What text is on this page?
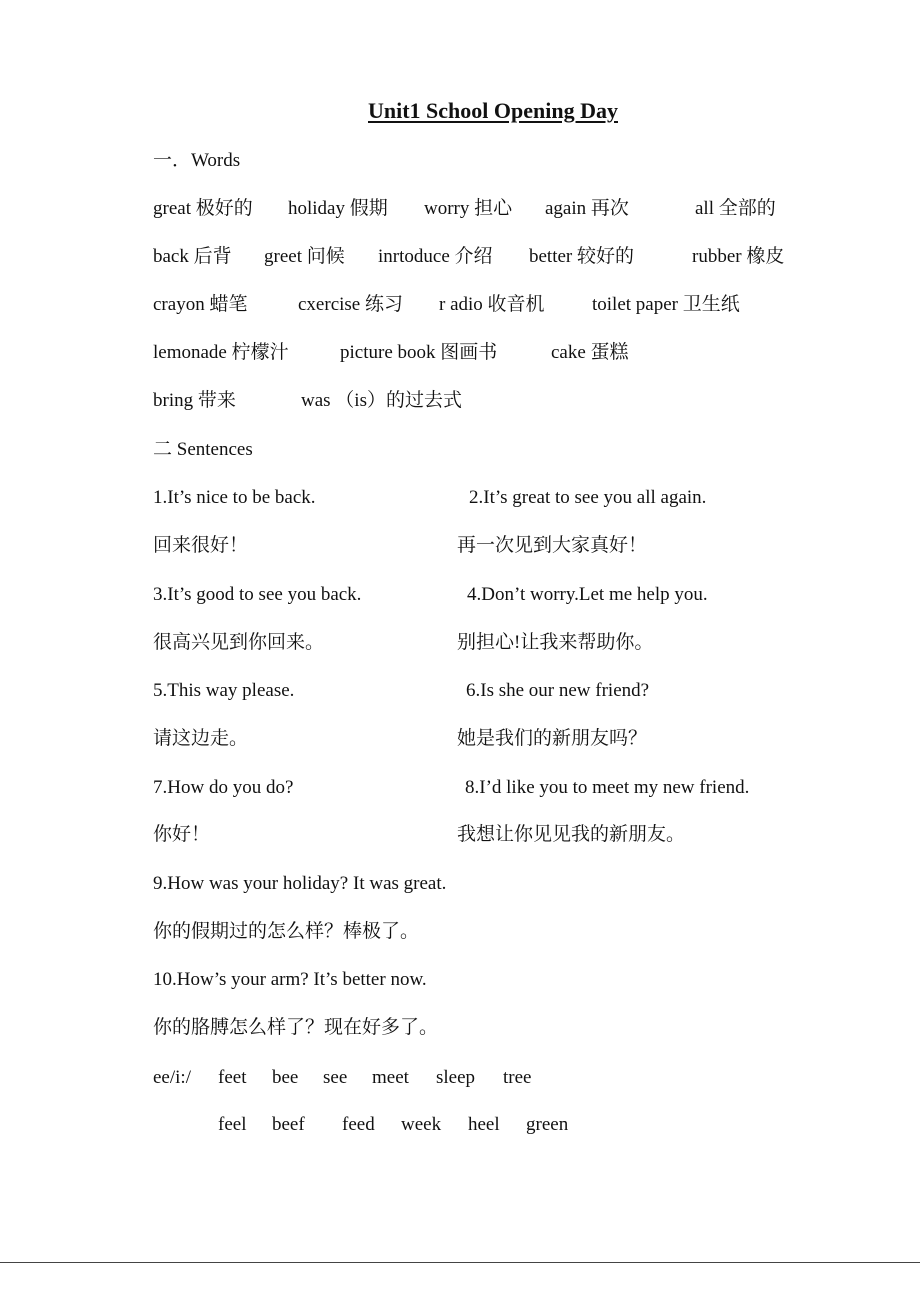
Unit1 School Opening Day
一．Words
great 极好的 holiday 假期 worry 担心 again 再次	all 全部的
back 后背 greet 问候 inrtoduce 介绍 better 较好的	rubber 橡皮
crayon 蜡笔	cxercise 练习 r adio 收音机 toilet paper 卫生纸
lemonade 柠檬汁	picture book 图画书	cake 蛋糕
bring 带来	was （is）的过去式
二 Sentences
1.It’s nice to be back.	2.It’s great to see you all again.
回来很好！	再一次见到大家真好！
3.It’s good to see you back.	4.Don’t worry.Let me help you.
很高兴见到你回来。	别担心!让我来帮助你。
5.This way please.	6.Is she our new friend?
请这边走。	她是我们的新朋友吗？
7.How do you do?	8.I’d like you to meet my new friend.
你好！	我想让你见见我的新朋友。
9.How was your holiday? It was great.
你的假期过的怎么样？棒极了。
10.How’s your arm? It’s better now.
你的胳膊怎么样了？现在好多了。
ee/i:/ feet bee see meet sleep tree
feel beef feed week heel green
